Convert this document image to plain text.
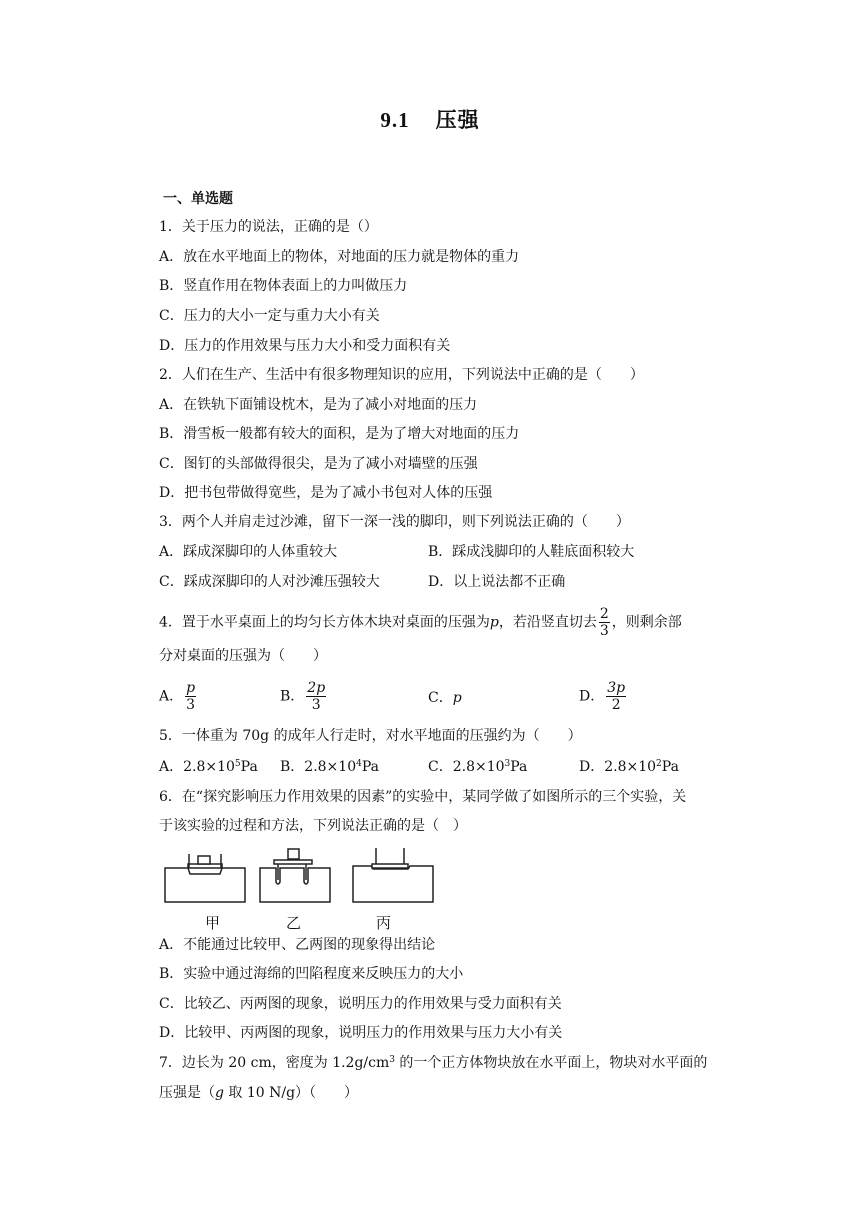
9.1 压强
一、单选题
1．关于压力的说法，正确的是（）
A．放在水平地面上的物体，对地面的压力就是物体的重力
B．竖直作用在物体表面上的力叫做压力
C．压力的大小一定与重力大小有关
D．压力的作用效果与压力大小和受力面积有关
2．人们在生产、生活中有很多物理知识的应用，下列说法中正确的是（　　）
A．在铁轨下面铺设枕木，是为了减小对地面的压力
B．滑雪板一般都有较大的面积，是为了增大对地面的压力
C．图钉的头部做得很尖，是为了减小对墙壁的压强
D．把书包带做得宽些，是为了减小书包对人体的压强
3．两个人并肩走过沙滩，留下一深一浅的脚印，则下列说法正确的（　　）
A．踩成深脚印的人体重较大	B．踩成浅脚印的人鞋底面积较大
C．踩成深脚印的人对沙滩压强较大	D．以上说法都不正确
4．置于水平桌面上的均匀长方体木块对桌面的压强为p，若沿竖直切去 $\frac{2}{3}$ ，则剩余部
分对桌面的压强为（　　）
A． $\frac{p}{3}$	B． $\frac{2p}{3}$	C．p	D． $\frac{3p}{2}$
5．一体重为 70g 的成年人行走时，对水平地面的压强约为（　　）
A．$2.8\times 10^5Pa$ B．$2.8\times 10^4Pa$	C．$2.8\times 10^3Pa$	D．$2.8\times 10^2Pa$
6．在“探究影响压力作用效果的因素”的实验中，某同学做了如图所示的三个实验，关
于该实验的过程和方法，下列说法正确的是（　）
甲	乙	丙
A．不能通过比较甲、乙两图的现象得出结论
B．实验中通过海绵的凹陷程度来反映压力的大小
C．比较乙、丙两图的现象，说明压力的作用效果与受力面积有关
D．比较甲、丙两图的现象，说明压力的作用效果与压力大小有关
7．边长为 20 cm，密度为 $1.2g/cm^3$ 的一个正方体物块放在水平面上，物块对水平面的
压强是（g 取 10 N/g）（　　）
